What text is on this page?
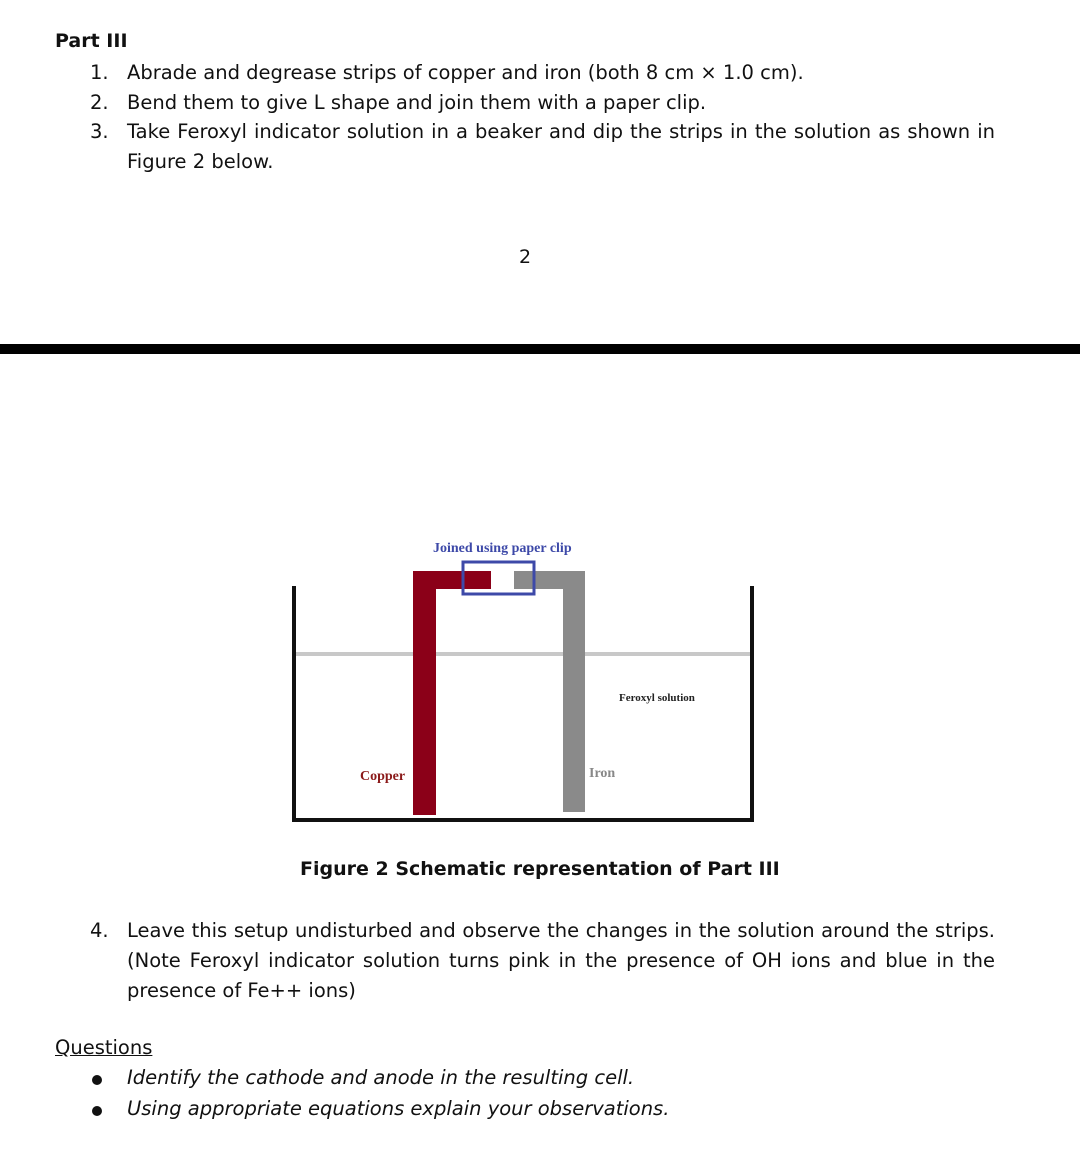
Part III
1. Abrade and degrease strips of copper and iron (both 8 cm × 1.0 cm).
2. Bend them to give L shape and join them with a paper clip.
3. Take Feroxyl indicator solution in a beaker and dip the strips in the solution as shown in
Figure 2 below.
2
Joined using paper clip
Feroxyl solution
Copper	Iron
Figure 2 Schematic representation of Part III
4. Leave this setup undisturbed and observe the changes in the solution around the strips.
(Note Feroxyl indicator solution turns pink in the presence of OH ions and blue in the
presence of Fe++ ions)
Questions
Identify the cathode and anode in the resulting cell.
Using appropriate equations explain your observations.
